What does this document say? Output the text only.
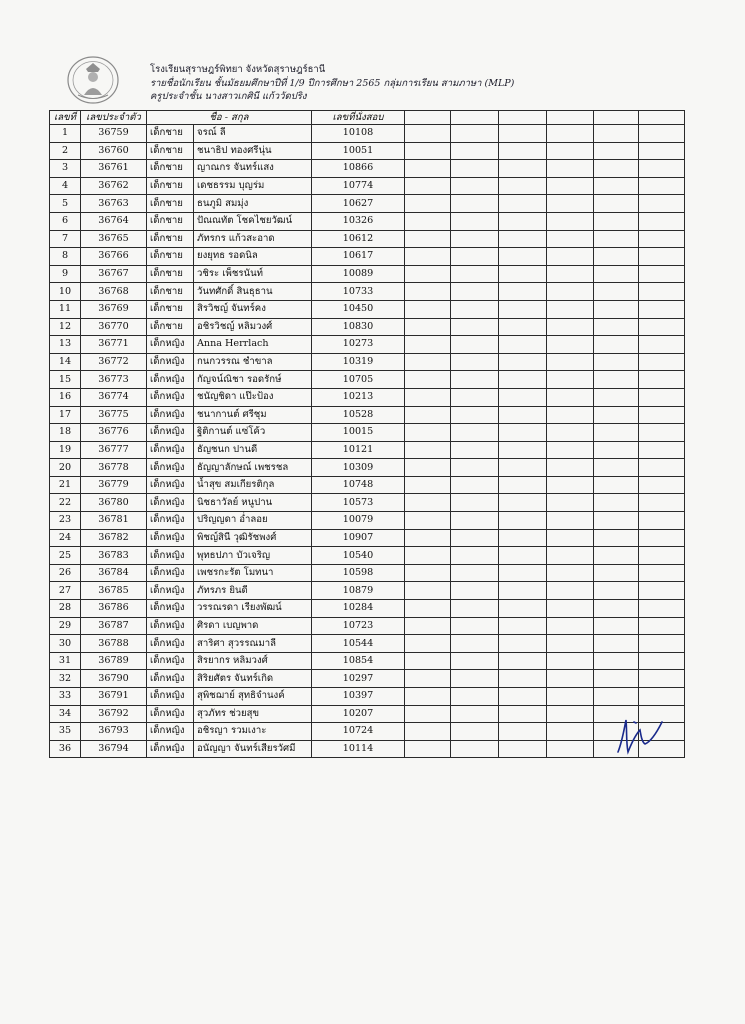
โรงเรียนสุราษฎร์พิทยา จังหวัดสุราษฎร์ธานี
รายชื่อนักเรียน ชั้นมัธยมศึกษาปีที่ 1/9 ปีการศึกษา 2565 กลุ่มการเรียน สามภาษา (MLP)
ครูประจำชั้น นางสาวเกศินี แก้ววัดปริง
เลขที่	เลขประจำตัว	ชื่อ - สกุล		เลขที่นั่งสอบ						
1	36759	เด็กชาย	จรณ์ ลี	10108						
2	36760	เด็กชาย	ชนาธิป ทองศรีนุ่น	10051						
3	36761	เด็กชาย	ญาณกร จันทร์แสง	10866						
4	36762	เด็กชาย	เดชธรรม บุญร่ม	10774						
5	36763	เด็กชาย	ธนภูมิ สมมุ่ง	10627						
6	36764	เด็กชาย	ปัณณทัต โชคไชยวัฒน์	10326						
7	36765	เด็กชาย	ภัทรกร แก้วสะอาด	10612						
8	36766	เด็กชาย	ยงยุทธ รอดนิล	10617						
9	36767	เด็กชาย	วชิระ เพ็ชรนันท์	10089						
10	36768	เด็กชาย	วันทศักดิ์ สินธุธาน	10733						
11	36769	เด็กชาย	สิรวิชญ์ จันทร์คง	10450						
12	36770	เด็กชาย	อชิรวิชญ์ หลิมวงศ์	10830						
13	36771	เด็กหญิง	Anna Herrlach	10273						
14	36772	เด็กหญิง	กนกวรรณ ชำขาล	10319						
15	36773	เด็กหญิง	กัญจน์ณิชา รอดรักษ์	10705						
16	36774	เด็กหญิง	ชนัญชิดา แป๊ะป้อง	10213						
17	36775	เด็กหญิง	ชนากานต์ ศรีชุม	10528						
18	36776	เด็กหญิง	ฐิติกานต์ แซ่โค้ว	10015						
19	36777	เด็กหญิง	ธัญชนก ปานดี	10121						
20	36778	เด็กหญิง	ธัญญาลักษณ์ เพชรชล	10309						
21	36779	เด็กหญิง	น้ำสุข สมเกียรติกุล	10748						
22	36780	เด็กหญิง	นิชธาวัลย์ หนูปาน	10573						
23	36781	เด็กหญิง	ปริญญดา อ่ำลอย	10079						
24	36782	เด็กหญิง	พิชญ์สินี วุฒิรัชพงศ์	10907						
25	36783	เด็กหญิง	พุทธปภา บัวเจริญ	10540						
26	36784	เด็กหญิง	เพชรกะรัต โมทนา	10598						
27	36785	เด็กหญิง	ภัทรภร ยินดี	10879						
28	36786	เด็กหญิง	วรรณรดา เรียงพัฒน์	10284						
29	36787	เด็กหญิง	ศิรดา เบญพาด	10723						
30	36788	เด็กหญิง	สาริศา สุวรรณมาลี	10544						
31	36789	เด็กหญิง	สิรยากร หลิมวงศ์	10854						
32	36790	เด็กหญิง	สิริยศัตร จันทร์เกิด	10297						
33	36791	เด็กหญิง	สุพิชฌาย์ สุทธิจำนงค์	10397						
34	36792	เด็กหญิง	สุวภัทร ช่วยสุข	10207						
35	36793	เด็กหญิง	อชิรญา รวมเงาะ	10724						
36	36794	เด็กหญิง	อนัญญา จันทร์เสียรวัศมี	10114						
